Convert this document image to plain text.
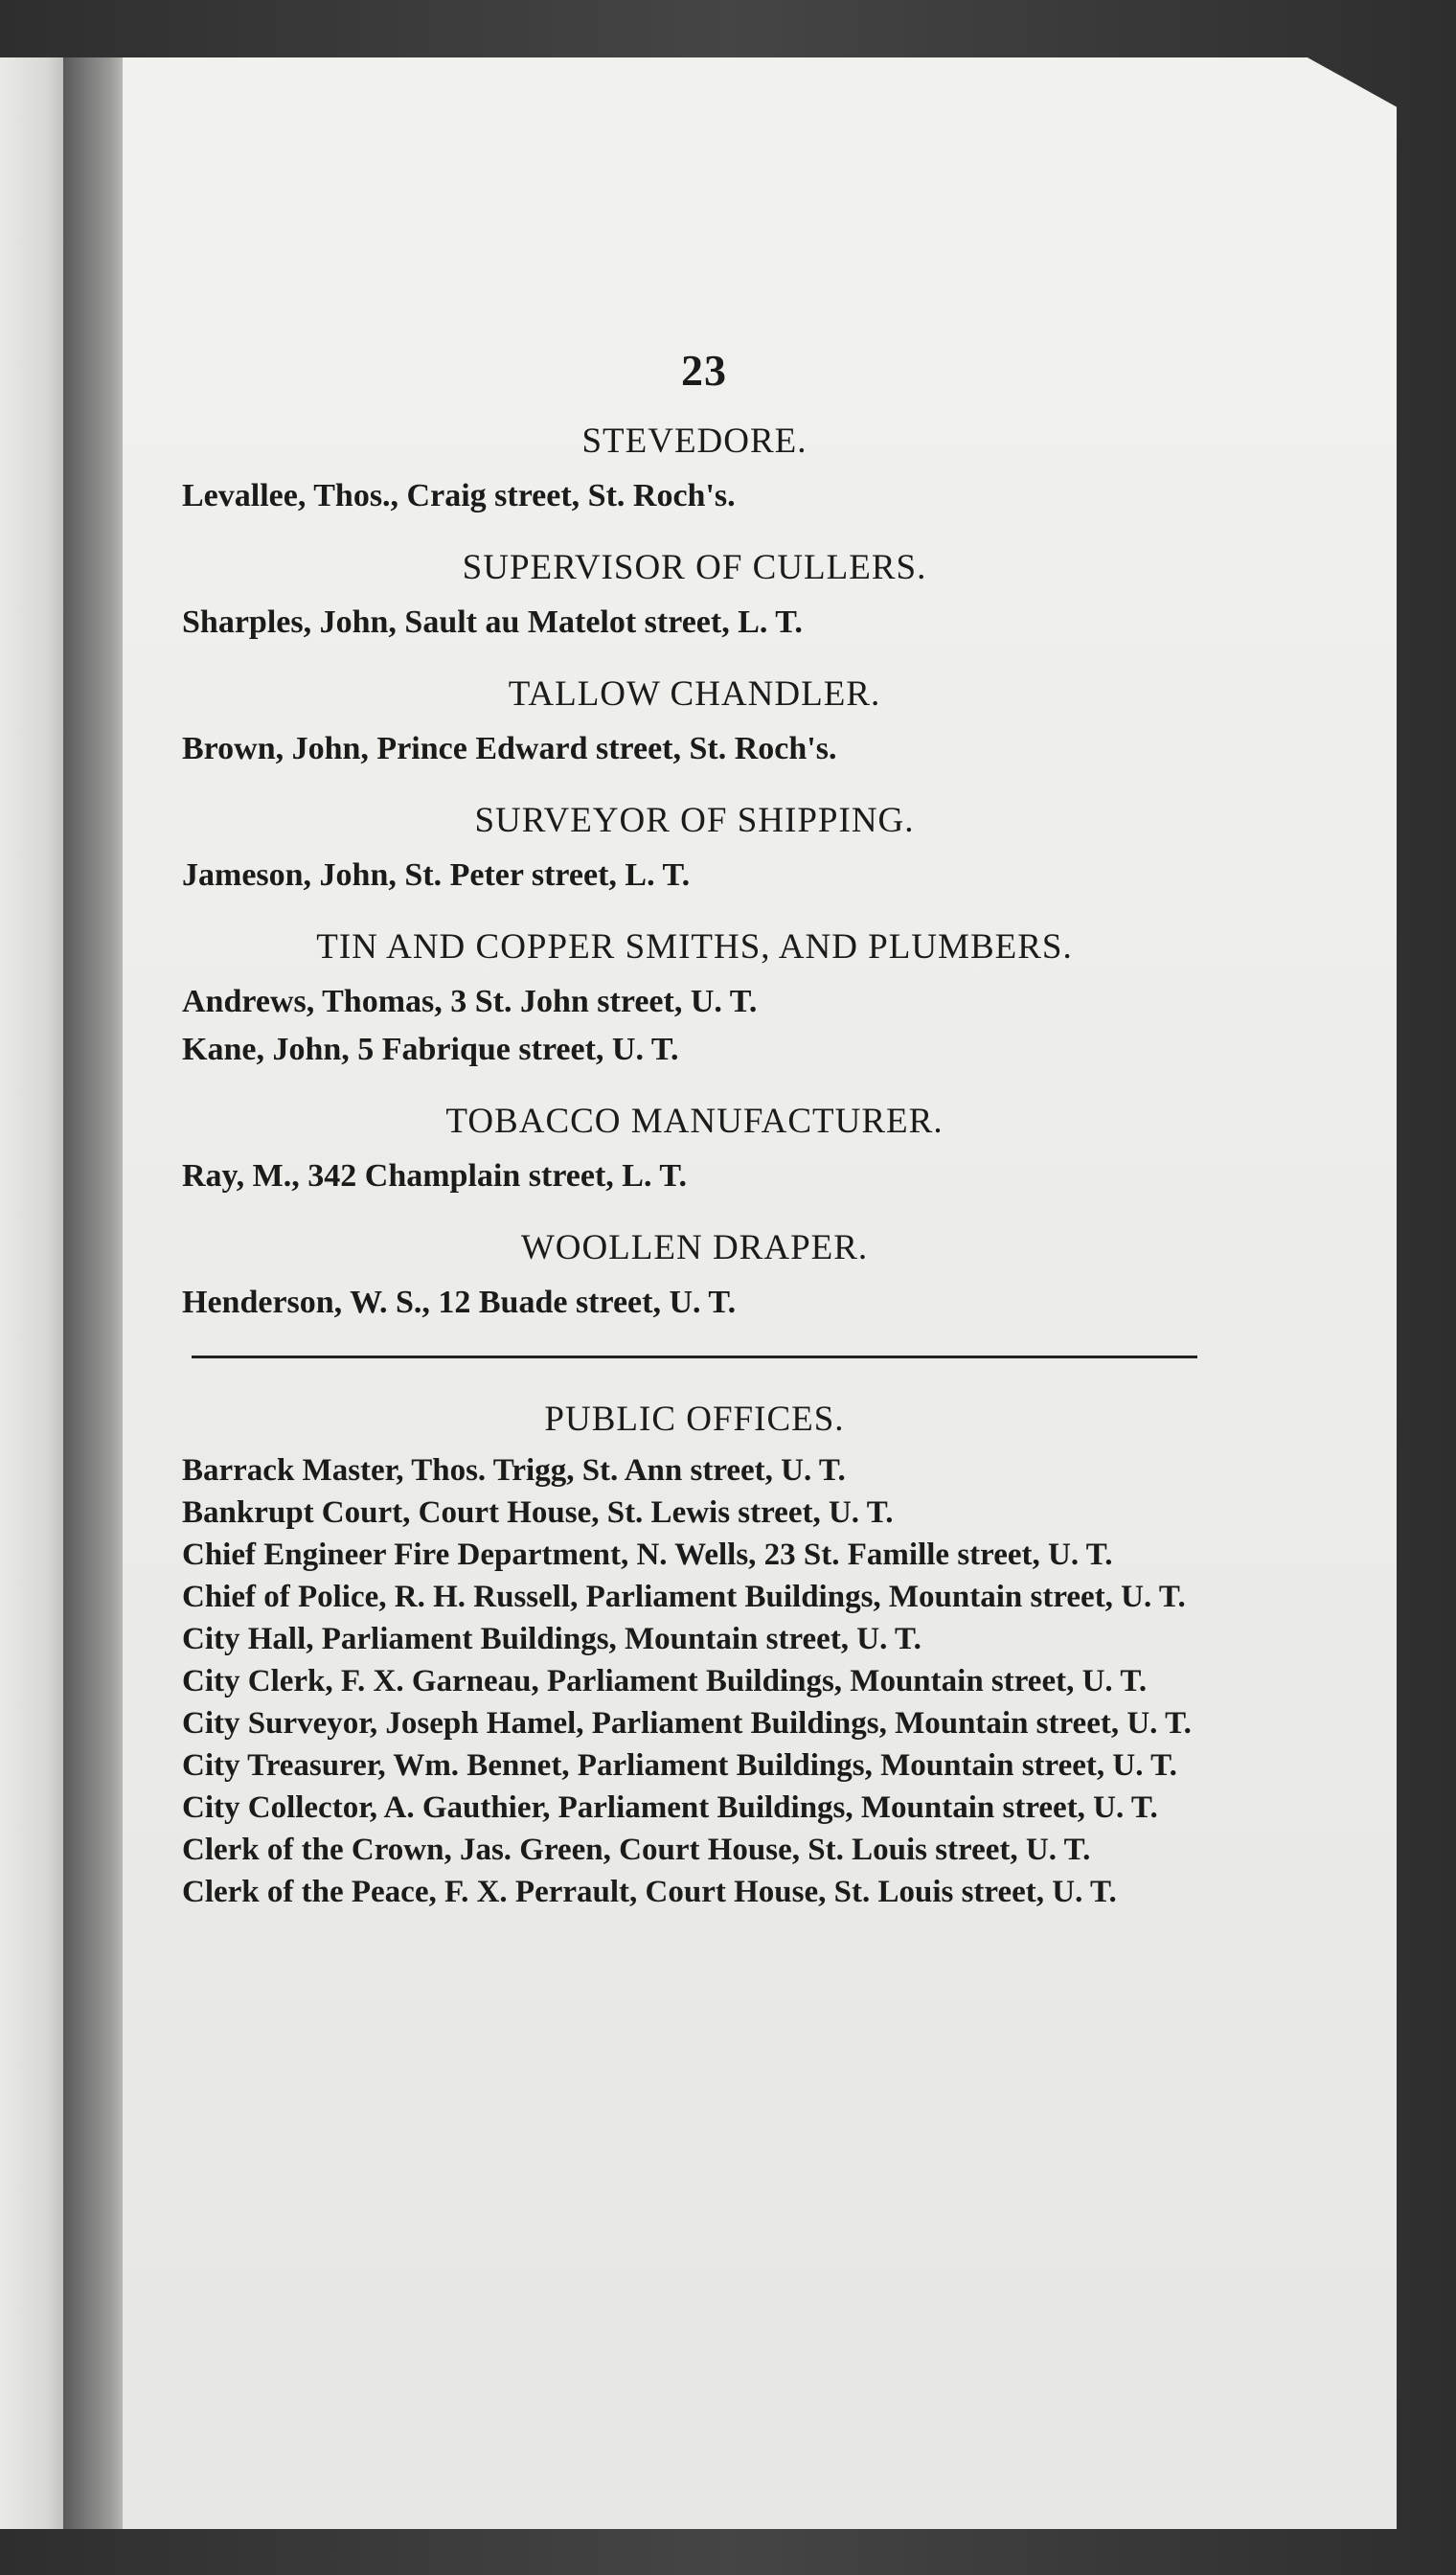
23
STEVEDORE.

Levallee, Thos., Craig street, St. Roch's.

SUPERVISOR OF CULLERS.

Sharples, John, Sault au Matelot street, L. T.

TALLOW CHANDLER.

Brown, John, Prince Edward street, St. Roch's.

SURVEYOR OF SHIPPING.

Jameson, John, St. Peter street, L. T.

TIN AND COPPER SMITHS, AND PLUMBERS.

Andrews, Thomas, 3 St. John street, U. T.

Kane, John, 5 Fabrique street, U. T.

TOBACCO MANUFACTURER.

Ray, M., 342 Champlain street, L. T.

WOOLLEN DRAPER.

Henderson, W. S., 12 Buade street, U. T.

PUBLIC OFFICES.

Barrack Master, Thos. Trigg, St. Ann street, U. T.

Bankrupt Court, Court House, St. Lewis street, U. T.

Chief Engineer Fire Department, N. Wells, 23 St. Famille street, U. T.

Chief of Police, R. H. Russell, Parliament Buildings, Mountain street, U. T.

City Hall, Parliament Buildings, Mountain street, U. T.

City Clerk, F. X. Garneau, Parliament Buildings, Mountain street, U. T.

City Surveyor, Joseph Hamel, Parliament Buildings, Mountain street, U. T.

City Treasurer, Wm. Bennet, Parliament Buildings, Mountain street, U. T.

City Collector, A. Gauthier, Parliament Buildings, Mountain street, U. T.

Clerk of the Crown, Jas. Green, Court House, St. Louis street, U. T.

Clerk of the Peace, F. X. Perrault, Court House, St. Louis street, U. T.
